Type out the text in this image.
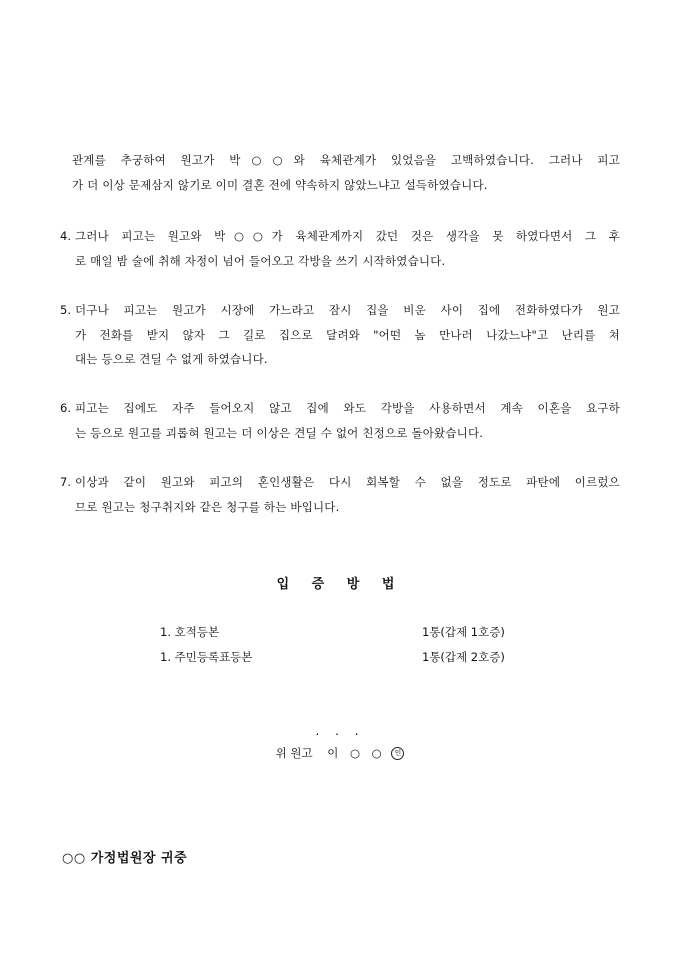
관계를 추궁하여 원고가 박○○와 육체관계가 있었음을 고백하였습니다. 그러나 피고
가 더 이상 문제삼지 않기로 이미 결혼 전에 약속하지 않았느냐고 설득하였습니다.
4. 그러나 피고는 원고와 박○○가 육체관계까지 갔던 것은 생각을 못 하였다면서 그 후
로 매일 밤 술에 취해 자정이 넘어 들어오고 각방을 쓰기 시작하였습니다.
5. 더구나 피고는 원고가 시장에 가느라고 잠시 집을 비운 사이 집에 전화하였다가 원고
가 전화를 받지 않자 그 길로 집으로 달려와 "어떤 놈 만나러 나갔느냐"고 난리를 쳐
대는 등으로 견딜 수 없게 하였습니다.
6. 피고는 집에도 자주 들어오지 않고 집에 와도 각방을 사용하면서 계속 이혼을 요구하
는 등으로 원고를 괴롭혀 원고는 더 이상은 견딜 수 없어 친정으로 돌아왔습니다.
7. 이상과 같이 원고와 피고의 혼인생활은 다시 회복할 수 없을 정도로 파탄에 이르렀으
므로 원고는 청구취지와 같은 청구를 하는 바입니다.
입 증 방 법
1. 호적등본	1통(갑제 1호증)
1. 주민등록표등본	1통(갑제 2호증)
. . .
위 원고 이 ○ ○ 인
○○ 가정법원장 귀중
